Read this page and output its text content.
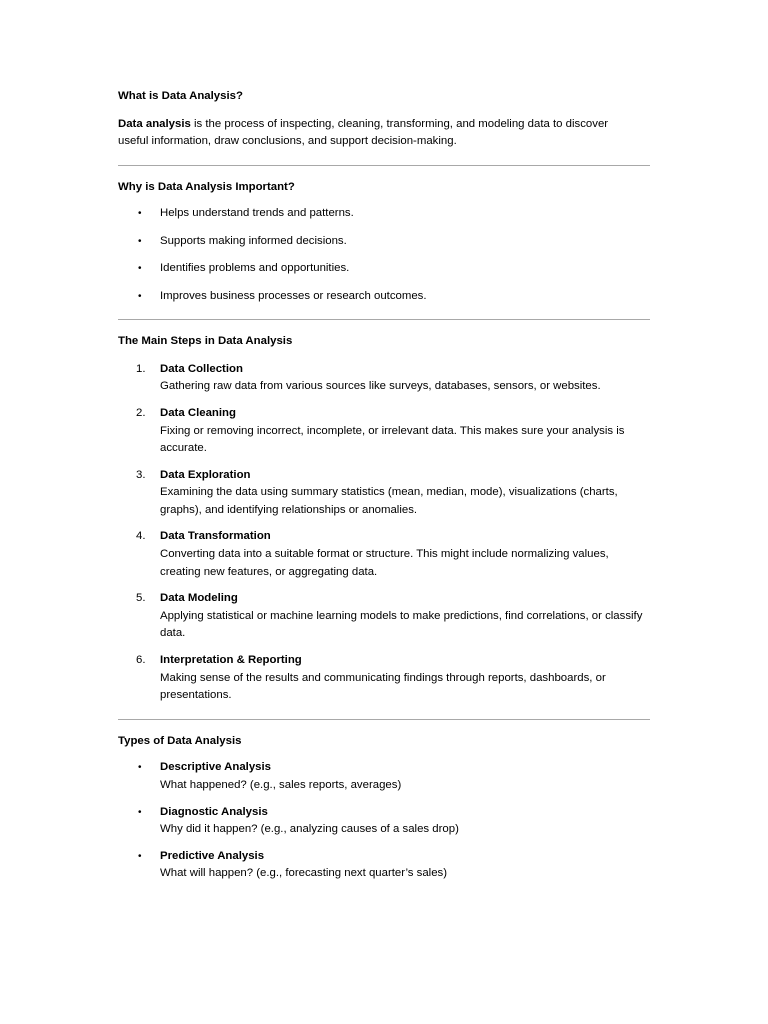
What is Data Analysis?

Data analysis is the process of inspecting, cleaning, transforming, and modeling data to discover useful information, draw conclusions, and support decision-making.

Why is Data Analysis Important?

•	Helps understand trends and patterns.
•	Supports making informed decisions.
•	Identifies problems and opportunities.
•	Improves business processes or research outcomes.

The Main Steps in Data Analysis

1.	Data Collection
Gathering raw data from various sources like surveys, databases, sensors, or websites.
2.	Data Cleaning
Fixing or removing incorrect, incomplete, or irrelevant data. This makes sure your analysis is accurate.
3.	Data Exploration
Examining the data using summary statistics (mean, median, mode), visualizations (charts, graphs), and identifying relationships or anomalies.
4.	Data Transformation
Converting data into a suitable format or structure. This might include normalizing values, creating new features, or aggregating data.
5.	Data Modeling
Applying statistical or machine learning models to make predictions, find correlations, or classify data.
6.	Interpretation & Reporting
Making sense of the results and communicating findings through reports, dashboards, or presentations.

Types of Data Analysis

•	Descriptive Analysis
What happened? (e.g., sales reports, averages)
•	Diagnostic Analysis
Why did it happen? (e.g., analyzing causes of a sales drop)
•	Predictive Analysis
What will happen? (e.g., forecasting next quarter’s sales)
